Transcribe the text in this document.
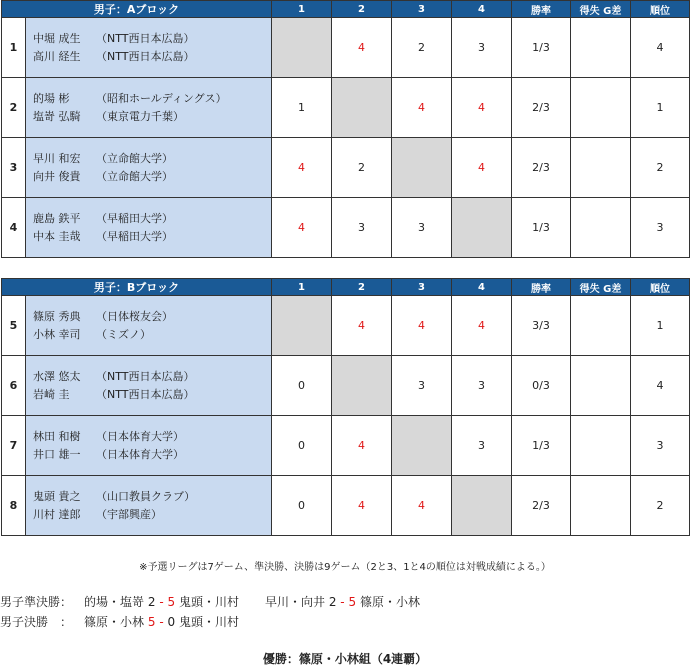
男子：Aブロック		1	2	3	4	勝率	得失 G差	順位
1	中堀 成生 （NTT西日本広島）
高川 経生 （NTT西日本広島）		4	2	3	1/3		4
2	的場 彬 （昭和ホールディングス）
塩嵜 弘騎 （東京電力千葉）	1		4	4	2/3		1
3	早川 和宏 （立命館大学）
向井 俊貴 （立命館大学）	4	2		4	2/3		2
4	鹿島 鉄平 （早稲田大学）
中本 圭哉 （早稲田大学）	4	3	3		1/3		3
男子：Bブロック		1	2	3	4	勝率	得失 G差	順位
5	篠原 秀典 （日体桜友会）
小林 幸司 （ミズノ）		4	4	4	3/3		1
6	水澤 悠太 （NTT西日本広島）
岩崎 圭 （NTT西日本広島）	0		3	3	0/3		4
7	林田 和樹 （日本体育大学）
井口 雄一 （日本体育大学）	0	4		3	1/3		3
8	鬼頭 貴之 （山口教員クラブ）
川村 達郎 （宇部興産）	0	4	4		2/3		2
※予選リーグは7ゲーム、準決勝、決勝は9ゲーム（2と3、1と4の順位は対戦成績による。）
男子準決勝： 的場・塩嵜 2 - 5 鬼頭・川村 早川・向井 2 - 5 篠原・小林
男子決勝　： 篠原・小林 5 - 0 鬼頭・川村
優勝：篠原・小林組（4連覇）
